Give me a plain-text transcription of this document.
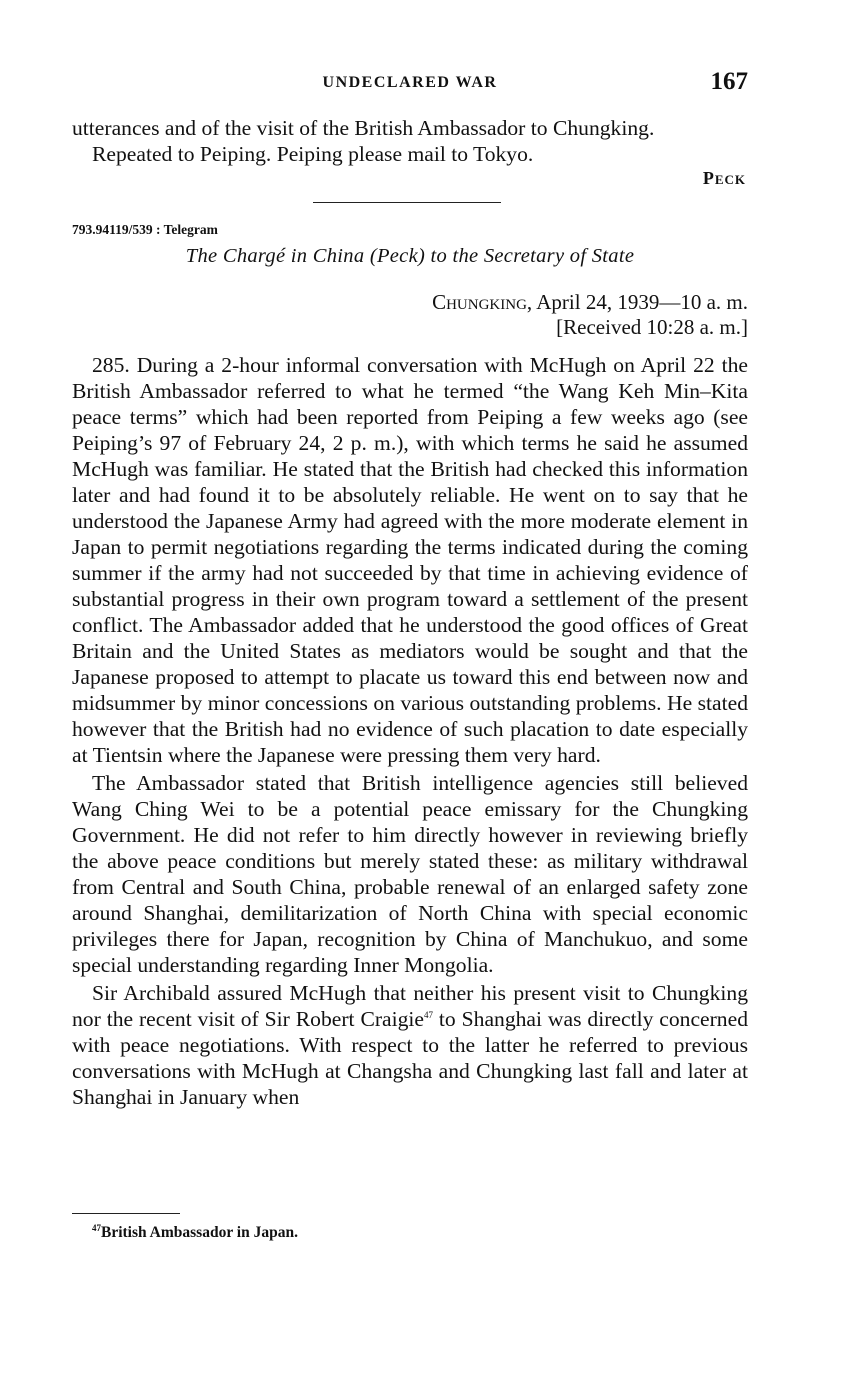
UNDECLARED WAR	167

utterances and of the visit of the British Ambassador to Chungking.

Repeated to Peiping. Peiping please mail to Tokyo.

Peck
793.94119/539 : Telegram
The Chargé in China (Peck) to the Secretary of State
Chungking, April 24, 1939—10 a. m.
[Received 10:28 a. m.]

285. During a 2-hour informal conversation with McHugh on April 22 the British Ambassador referred to what he termed “the Wang Keh Min–Kita peace terms” which had been reported from Peiping a few weeks ago (see Peiping’s 97 of February 24, 2 p. m.), with which terms he said he assumed McHugh was familiar. He stated that the British had checked this information later and had found it to be absolutely reliable. He went on to say that he understood the Japanese Army had agreed with the more moderate element in Japan to permit negotiations regarding the terms indicated during the coming summer if the army had not succeeded by that time in achieving evidence of substantial progress in their own program toward a settlement of the present conflict. The Ambassador added that he understood the good offices of Great Britain and the United States as mediators would be sought and that the Japanese proposed to attempt to placate us toward this end between now and midsummer by minor concessions on various outstanding problems. He stated however that the British had no evidence of such placation to date especially at Tientsin where the Japanese were pressing them very hard.

The Ambassador stated that British intelligence agencies still believed Wang Ching Wei to be a potential peace emissary for the Chungking Government. He did not refer to him directly however in reviewing briefly the above peace conditions but merely stated these: as military withdrawal from Central and South China, probable renewal of an enlarged safety zone around Shanghai, demilitarization of North China with special economic privileges there for Japan, recognition by China of Manchukuo, and some special understanding regarding Inner Mongolia.

Sir Archibald assured McHugh that neither his present visit to Chungking nor the recent visit of Sir Robert Craigie$^{47}$ to Shanghai was directly concerned with peace negotiations. With respect to the latter he referred to previous conversations with McHugh at Changsha and Chungking last fall and later at Shanghai in January when

$^{47}$British Ambassador in Japan.
